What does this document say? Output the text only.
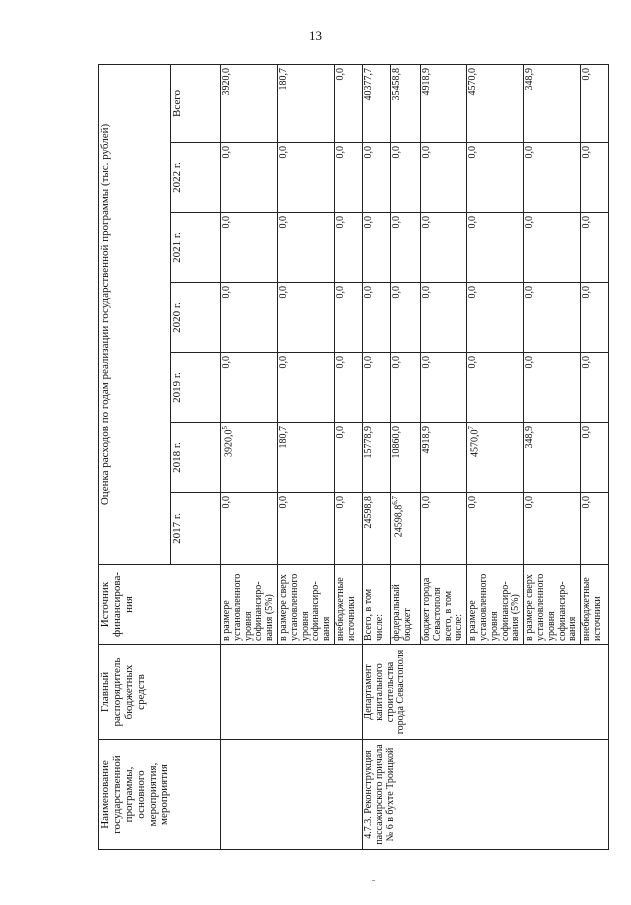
13
Наименование государственной программы, основного мероприятия, мероприятия	Главный распорядитель бюджетных средств	Источник финансирова- ния	Оценка расходов по годам реализации государственной программы (тыс. рублей)						
			2017 г.	2018 г.	2019 г.	2020 г.	2021 г.	2022 г.	Всего
		в размере установленного уровня софинансиро- вания (5%)	0,0	3920,0$^5$	0,0	0,0	0,0	0,0	3920,0
		в размере сверх установленного уровня софинансиро- вания	0,0	180,7	0,0	0,0	0,0	0,0	180,7
		внебюджетные источники	0,0	0,0	0,0	0,0	0,0	0,0	0,0
4.7.3. Реконструкция пассажирского причала № 6 в бухте Троицкой	Департамент капитального строительства города Севастополя	Всего, в том числе:	24598,8	15778,9	0,0	0,0	0,0	0,0	40377,7
		федеральный бюджет	24598,8$^{6,7}$	10860,0	0,0	0,0	0,0	0,0	35458,8
		бюджет города Севастополя всего, в том числе:	0,0	4918,9	0,0	0,0	0,0	0,0	4918,9
		в размере установленного уровня софинансиро- вания (5%)	0,0	4570,0$^7$	0,0	0,0	0,0	0,0	4570,0
		в размере сверх установленного уровня софинансиро- вания	0,0	348,9	0,0	0,0	0,0	0,0	348,9
		внебюджетные источники	0,0	0,0	0,0	0,0	0,0	0,0	0,0
